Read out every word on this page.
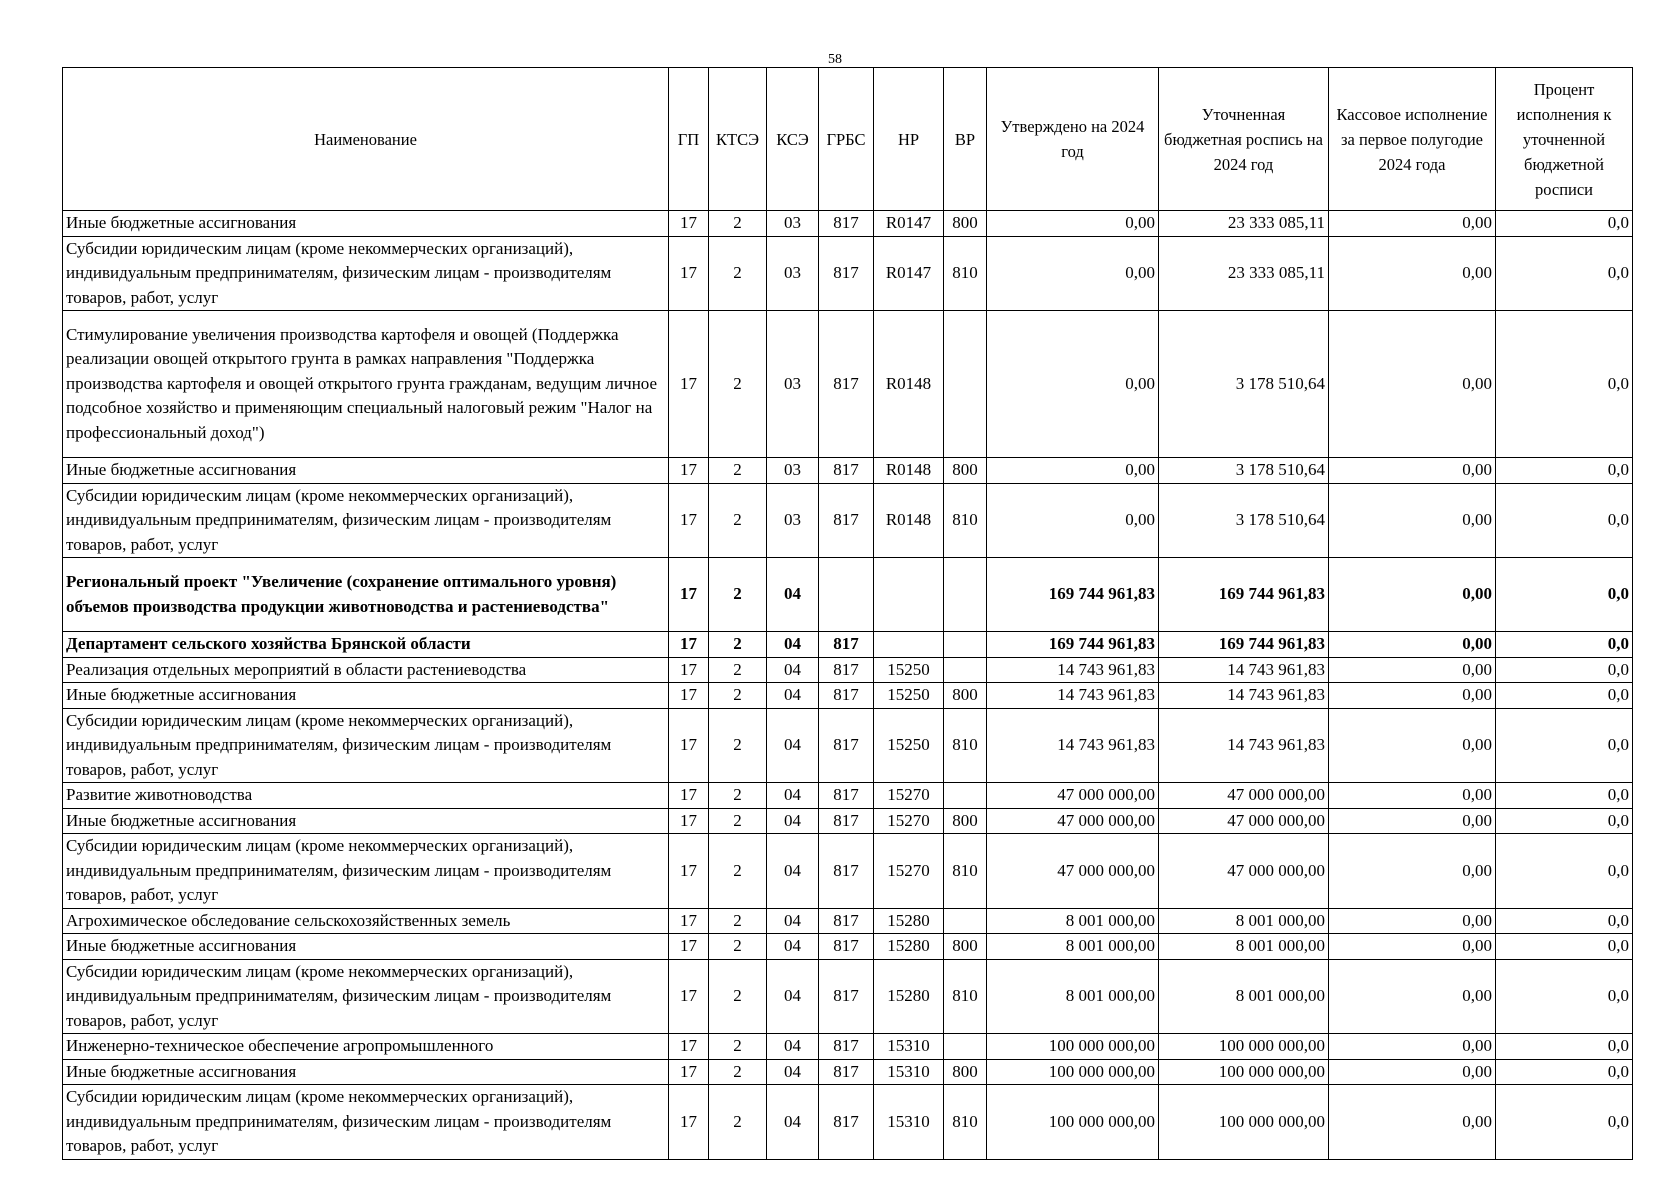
58
Наименование	ГП	КТСЭ	КСЭ	ГРБС	НР	ВР	Утверждено на 2024 год	Уточненная бюджетная роспись на 2024 год	Кассовое исполнение за первое полугодие 2024 года	Процент исполнения к уточненной бюджетной росписи
Иные бюджетные ассигнования	17	2	03	817	R0147	800	0,00	23 333 085,11	0,00	0,0
Субсидии юридическим лицам (кроме некоммерческих организаций), индивидуальным предпринимателям, физическим лицам - производителям товаров, работ, услуг	17	2	03	817	R0147	810	0,00	23 333 085,11	0,00	0,0
Стимулирование увеличения производства картофеля и овощей (Поддержка реализации овощей открытого грунта в рамках направления "Поддержка производства картофеля и овощей открытого грунта гражданам, ведущим личное подсобное хозяйство и применяющим специальный налоговый режим "Налог на профессиональный доход")	17	2	03	817	R0148		0,00	3 178 510,64	0,00	0,0
Иные бюджетные ассигнования	17	2	03	817	R0148	800	0,00	3 178 510,64	0,00	0,0
Субсидии юридическим лицам (кроме некоммерческих организаций), индивидуальным предпринимателям, физическим лицам - производителям товаров, работ, услуг	17	2	03	817	R0148	810	0,00	3 178 510,64	0,00	0,0
Региональный проект "Увеличение (сохранение оптимального уровня) объемов производства продукции животноводства и растениеводства"	17	2	04				169 744 961,83	169 744 961,83	0,00	0,0
Департамент сельского хозяйства Брянской области	17	2	04	817			169 744 961,83	169 744 961,83	0,00	0,0
Реализация отдельных мероприятий в области растениеводства	17	2	04	817	15250		14 743 961,83	14 743 961,83	0,00	0,0
Иные бюджетные ассигнования	17	2	04	817	15250	800	14 743 961,83	14 743 961,83	0,00	0,0
Субсидии юридическим лицам (кроме некоммерческих организаций), индивидуальным предпринимателям, физическим лицам - производителям товаров, работ, услуг	17	2	04	817	15250	810	14 743 961,83	14 743 961,83	0,00	0,0
Развитие животноводства	17	2	04	817	15270		47 000 000,00	47 000 000,00	0,00	0,0
Иные бюджетные ассигнования	17	2	04	817	15270	800	47 000 000,00	47 000 000,00	0,00	0,0
Субсидии юридическим лицам (кроме некоммерческих организаций), индивидуальным предпринимателям, физическим лицам - производителям товаров, работ, услуг	17	2	04	817	15270	810	47 000 000,00	47 000 000,00	0,00	0,0
Агрохимическое обследование сельскохозяйственных земель	17	2	04	817	15280		8 001 000,00	8 001 000,00	0,00	0,0
Иные бюджетные ассигнования	17	2	04	817	15280	800	8 001 000,00	8 001 000,00	0,00	0,0
Субсидии юридическим лицам (кроме некоммерческих организаций), индивидуальным предпринимателям, физическим лицам - производителям товаров, работ, услуг	17	2	04	817	15280	810	8 001 000,00	8 001 000,00	0,00	0,0
Инженерно-техническое обеспечение агропромышленного	17	2	04	817	15310		100 000 000,00	100 000 000,00	0,00	0,0
Иные бюджетные ассигнования	17	2	04	817	15310	800	100 000 000,00	100 000 000,00	0,00	0,0
Субсидии юридическим лицам (кроме некоммерческих организаций), индивидуальным предпринимателям, физическим лицам - производителям товаров, работ, услуг	17	2	04	817	15310	810	100 000 000,00	100 000 000,00	0,00	0,0
